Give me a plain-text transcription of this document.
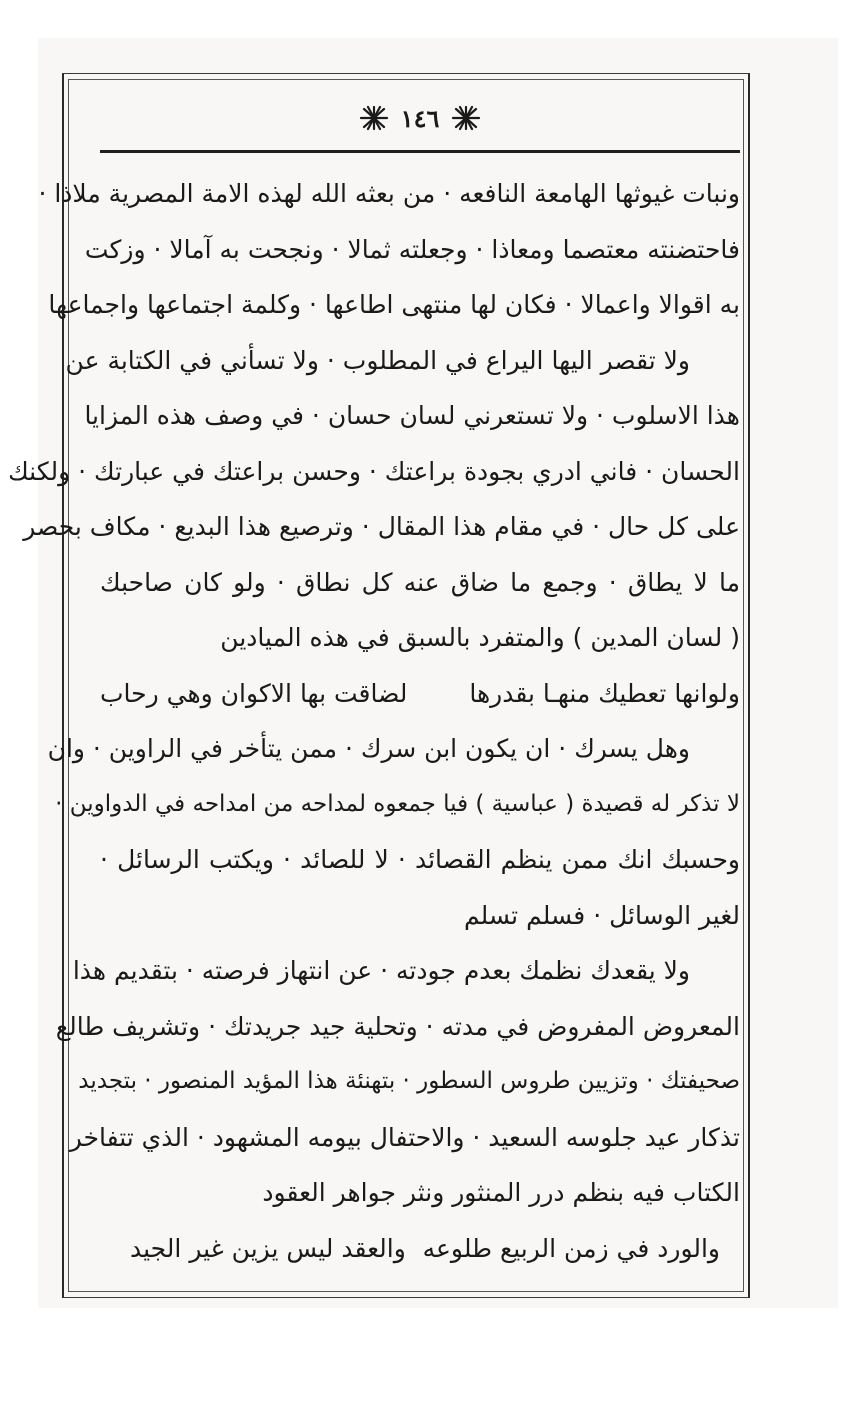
١٤٦
ونبات غيوثها الهامعة النافعه · من بعثه الله لهذه الامة المصرية ملاذا ·
فاحتضنته معتصما ومعاذا · وجعلته ثمالا · ونجحت به آمالا · وزكت
به اقوالا واعمالا · فكان لها منتهى اطاعها · وكلمة اجتماعها واجماعها
ولا تقصر اليها اليراع في المطلوب · ولا تسأني في الكتابة عن
هذا الاسلوب · ولا تستعرني لسان حسان · في وصف هذه المزايا
الحسان · فاني ادري بجودة براعتك · وحسن براعتك في عبارتك · ولكنك
على كل حال · في مقام هذا المقال · وترصيع هذا البديع · مكاف بحصر
ما لا يطاق · وجمع ما ضاق عنه كل نطاق · ولو كان صاحبك
( لسان المدين ) والمتفرد بالسبق في هذه الميادين
ولوانها تعطيك منهـا بقدرها
لضاقت بها الاكوان وهي رحاب
وهل يسرك · ان يكون ابن سرك · ممن يتأخر في الراوين · وان
لا تذكر له قصيدة ( عباسية ) فيا جمعوه لمداحه من امداحه في الدواوين ·
وحسبك انك ممن ينظم القصائد · لا للصائد · ويكتب الرسائل ·
لغير الوسائل · فسلم تسلم
ولا يقعدك نظمك بعدم جودته · عن انتهاز فرصته · بتقديم هذا
المعروض المفروض في مدته · وتحلية جيد جريدتك · وتشريف طالع
صحيفتك · وتزيين طروس السطور · بتهنئة هذا المؤيد المنصور · بتجديد
تذكار عيد جلوسه السعيد · والاحتفال بيومه المشهود · الذي تتفاخر
الكتاب فيه بنظم درر المنثور ونثر جواهر العقود
والورد في زمن الربيع طلوعه
والعقد ليس يزين غير الجيد
